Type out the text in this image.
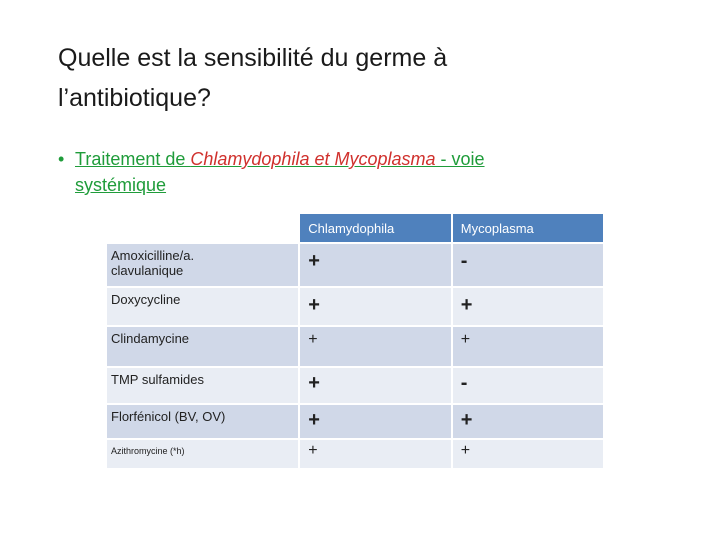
Quelle est la sensibilité du germe à
l’antibiotique?
• Traitement de Chlamydophila et Mycoplasma - voie
systémique
	Chlamydophila	Mycoplasma
Amoxicilline/a.
clavulanique	+	-
Doxycycline	+	+
Clindamycine	+	+
TMP sulfamides	+	-
Florfénicol (BV, OV)	+	+
Azithromycine (*h)	+	+
